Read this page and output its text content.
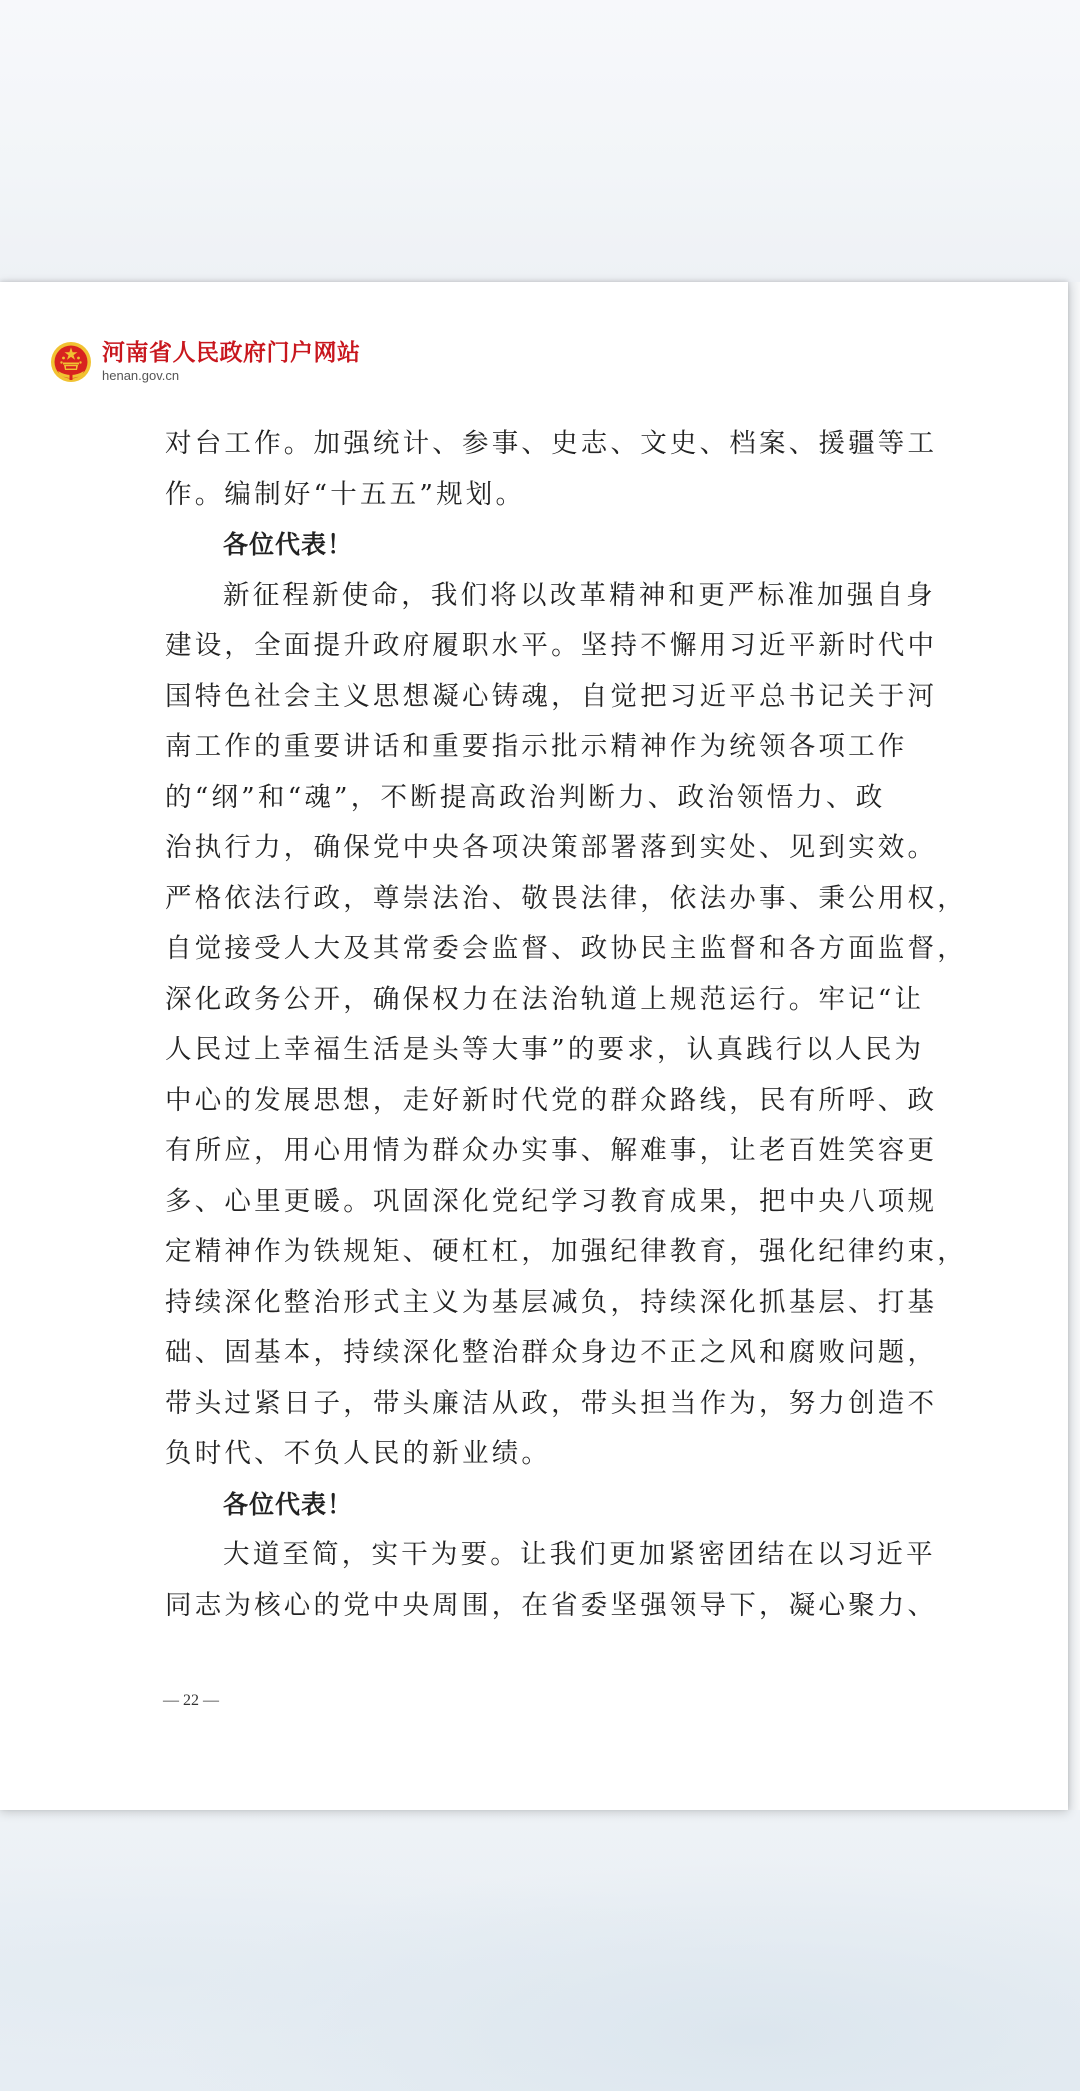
河南省人民政府门户网站
henan.gov.cn
对台工作。加强统计、参事、史志、文史、档案、援疆等工
作。编制好“十五五”规划。
各位代表！
新征程新使命，我们将以改革精神和更严标准加强自身
建设，全面提升政府履职水平。坚持不懈用习近平新时代中
国特色社会主义思想凝心铸魂，自觉把习近平总书记关于河
南工作的重要讲话和重要指示批示精神作为统领各项工作
的“纲”和“魂”，不断提高政治判断力、政治领悟力、政
治执行力，确保党中央各项决策部署落到实处、见到实效。
严格依法行政，尊崇法治、敬畏法律，依法办事、秉公用权，
自觉接受人大及其常委会监督、政协民主监督和各方面监督，
深化政务公开，确保权力在法治轨道上规范运行。牢记“让
人民过上幸福生活是头等大事”的要求，认真践行以人民为
中心的发展思想，走好新时代党的群众路线，民有所呼、政
有所应，用心用情为群众办实事、解难事，让老百姓笑容更
多、心里更暖。巩固深化党纪学习教育成果，把中央八项规
定精神作为铁规矩、硬杠杠，加强纪律教育，强化纪律约束，
持续深化整治形式主义为基层减负，持续深化抓基层、打基
础、固基本，持续深化整治群众身边不正之风和腐败问题，
带头过紧日子，带头廉洁从政，带头担当作为，努力创造不
负时代、不负人民的新业绩。
各位代表！
大道至简，实干为要。让我们更加紧密团结在以习近平
同志为核心的党中央周围，在省委坚强领导下，凝心聚力、
— 22 —
